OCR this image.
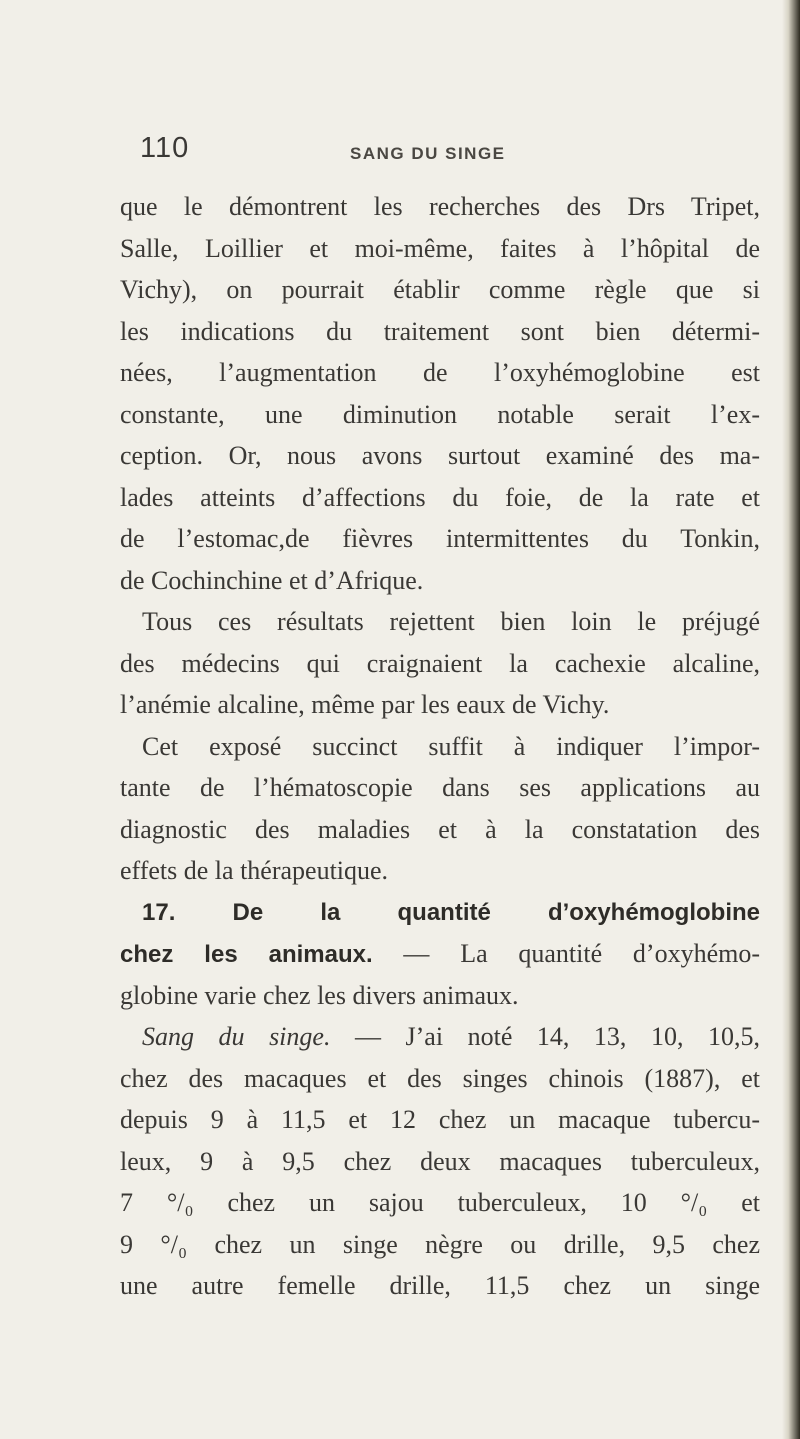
110	SANG DU SINGE
que le démontrent les recherches des Drs Tripet,
Salle, Loillier et moi-même, faites à l’hôpital de
Vichy), on pourrait établir comme règle que si
les indications du traitement sont bien détermi-
nées, l’augmentation de l’oxyhémoglobine est
constante, une diminution notable serait l’ex-
ception. Or, nous avons surtout examiné des ma-
lades atteints d’affections du foie, de la rate et
de l’estomac,de fièvres intermittentes du Tonkin,
de Cochinchine et d’Afrique.
Tous ces résultats rejettent bien loin le préjugé
des médecins qui craignaient la cachexie alcaline,
l’anémie alcaline, même par les eaux de Vichy.
Cet exposé succinct suffit à indiquer l’impor-
tante de l’hématoscopie dans ses applications au
diagnostic des maladies et à la constatation des
effets de la thérapeutique.
17. De la quantité d’oxyhémoglobine
chez les animaux. — La quantité d’oxyhémo-
globine varie chez les divers animaux.
Sang du singe. — J’ai noté 14, 13, 10, 10,5,
chez des macaques et des singes chinois (1887), et
depuis 9 à 11,5 et 12 chez un macaque tubercu-
leux, 9 à 9,5 chez deux macaques tuberculeux,
7 °/₀ chez un sajou tuberculeux, 10 °/₀ et
9 °/₀ chez un singe nègre ou drille, 9,5 chez
une autre femelle drille, 11,5 chez un singe
